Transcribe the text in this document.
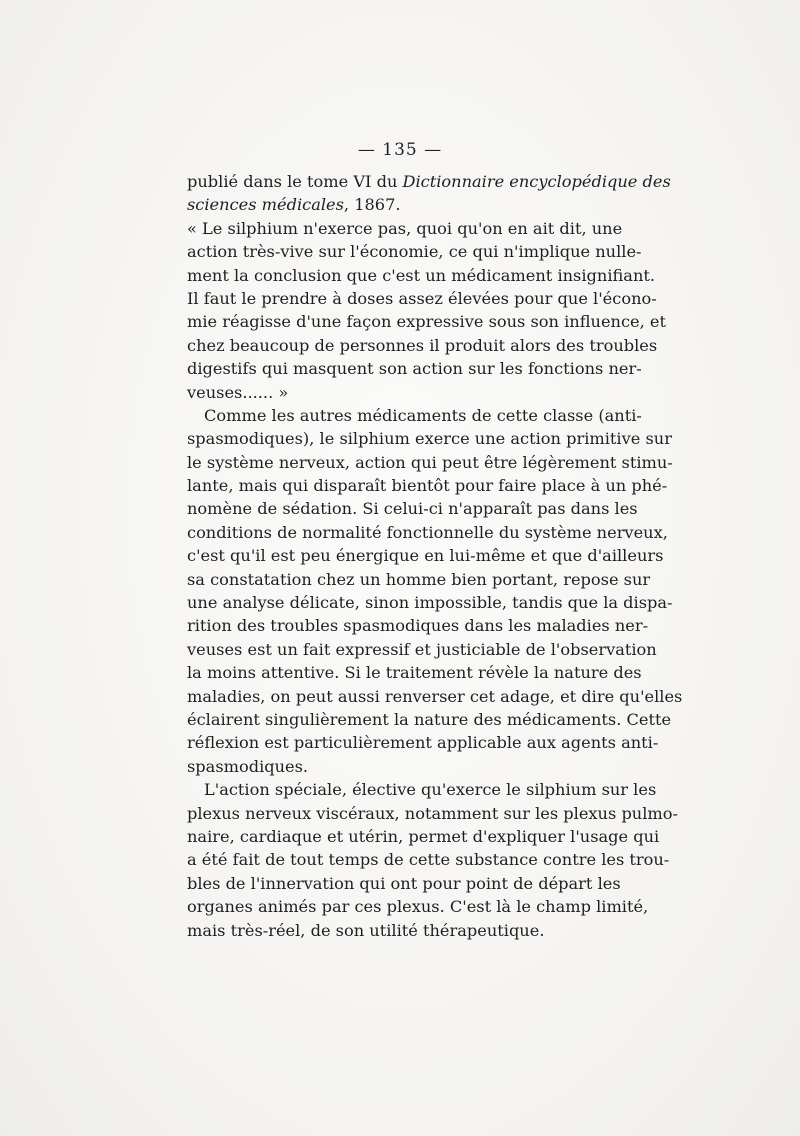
— 135 —
publié dans le tome VI du Dictionnaire encyclopédique des
sciences médicales, 1867.
« Le silphium n'exerce pas, quoi qu'on en ait dit, une
action très-vive sur l'économie, ce qui n'implique nulle-
ment la conclusion que c'est un médicament insignifiant.
Il faut le prendre à doses assez élevées pour que l'écono-
mie réagisse d'une façon expressive sous son influence, et
chez beaucoup de personnes il produit alors des troubles
digestifs qui masquent son action sur les fonctions ner-
veuses...... »
Comme les autres médicaments de cette classe (anti-
spasmodiques), le silphium exerce une action primitive sur
le système nerveux, action qui peut être légèrement stimu-
lante, mais qui disparaît bientôt pour faire place à un phé-
nomène de sédation. Si celui-ci n'apparaît pas dans les
conditions de normalité fonctionnelle du système nerveux,
c'est qu'il est peu énergique en lui-même et que d'ailleurs
sa constatation chez un homme bien portant, repose sur
une analyse délicate, sinon impossible, tandis que la dispa-
rition des troubles spasmodiques dans les maladies ner-
veuses est un fait expressif et justiciable de l'observation
la moins attentive. Si le traitement révèle la nature des
maladies, on peut aussi renverser cet adage, et dire qu'elles
éclairent singulièrement la nature des médicaments. Cette
réflexion est particulièrement applicable aux agents anti-
spasmodiques.
L'action spéciale, élective qu'exerce le silphium sur les
plexus nerveux viscéraux, notamment sur les plexus pulmo-
naire, cardiaque et utérin, permet d'expliquer l'usage qui
a été fait de tout temps de cette substance contre les trou-
bles de l'innervation qui ont pour point de départ les
organes animés par ces plexus. C'est là le champ limité,
mais très-réel, de son utilité thérapeutique.
